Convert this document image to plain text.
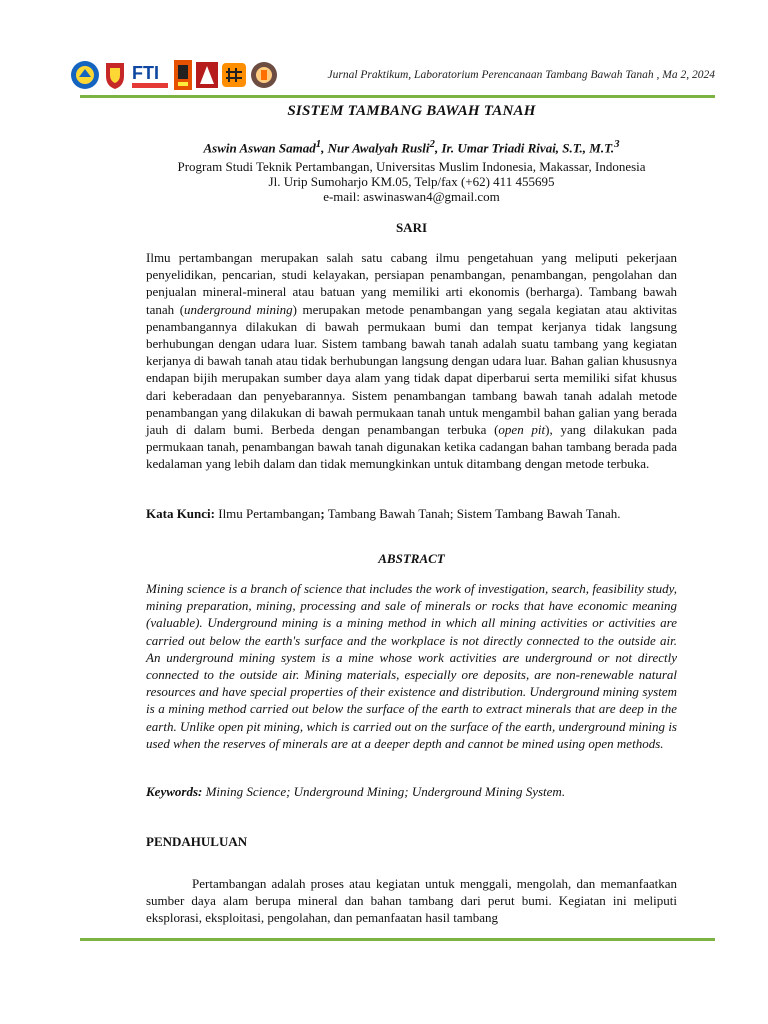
FTI	Jurnal Praktikum, Laboratorium Perencanaan Tambang Bawah Tanah , Ma 2, 2024
SISTEM TAMBANG BAWAH TANAH
Aswin Aswan Samad$^1$, Nur Awalyah Rusli$^2$, Ir. Umar Triadi Rivai, S.T., M.T.$^3$
Program Studi Teknik Pertambangan, Universitas Muslim Indonesia, Makassar, Indonesia
Jl. Urip Sumoharjo KM.05, Telp/fax (+62) 411 455695
e-mail: aswinaswan4@gmail.com
SARI
Ilmu pertambangan merupakan salah satu cabang ilmu pengetahuan yang meliputi pekerjaan penyelidikan, pencarian, studi kelayakan, persiapan penambangan, penambangan, pengolahan dan penjualan mineral-mineral atau batuan yang memiliki arti ekonomis (berharga). Tambang bawah tanah (underground mining) merupakan metode penambangan yang segala kegiatan atau aktivitas penambangannya dilakukan di bawah permukaan bumi dan tempat kerjanya tidak langsung berhubungan dengan udara luar. Sistem tambang bawah tanah adalah suatu tambang yang kegiatan kerjanya di bawah tanah atau tidak berhubungan langsung dengan udara luar. Bahan galian khususnya endapan bijih merupakan sumber daya alam yang tidak dapat diperbarui serta memiliki sifat khusus dari keberadaan dan penyebarannya. Sistem penambangan tambang bawah tanah adalah metode penambangan yang dilakukan di bawah permukaan tanah untuk mengambil bahan galian yang berada jauh di dalam bumi. Berbeda dengan penambangan terbuka (open pit), yang dilakukan pada permukaan tanah, penambangan bawah tanah digunakan ketika cadangan bahan tambang berada pada kedalaman yang lebih dalam dan tidak memungkinkan untuk ditambang dengan metode terbuka.
Kata Kunci: Ilmu Pertambangan; Tambang Bawah Tanah; Sistem Tambang Bawah Tanah.
ABSTRACT
Mining science is a branch of science that includes the work of investigation, search, feasibility study, mining preparation, mining, processing and sale of minerals or rocks that have economic meaning (valuable). Underground mining is a mining method in which all mining activities or activities are carried out below the earth's surface and the workplace is not directly connected to the outside air. An underground mining system is a mine whose work activities are underground or not directly connected to the outside air. Mining materials, especially ore deposits, are non-renewable natural resources and have special properties of their existence and distribution. Underground mining system is a mining method carried out below the surface of the earth to extract minerals that are deep in the earth. Unlike open pit mining, which is carried out on the surface of the earth, underground mining is used when the reserves of minerals are at a deeper depth and cannot be mined using open methods.
Keywords: Mining Science; Underground Mining; Underground Mining System.
PENDAHULUAN
Pertambangan adalah proses atau kegiatan untuk menggali, mengolah, dan memanfaatkan sumber daya alam berupa mineral dan bahan tambang dari perut bumi. Kegiatan ini meliputi eksplorasi, eksploitasi, pengolahan, dan pemanfaatan hasil tambang
